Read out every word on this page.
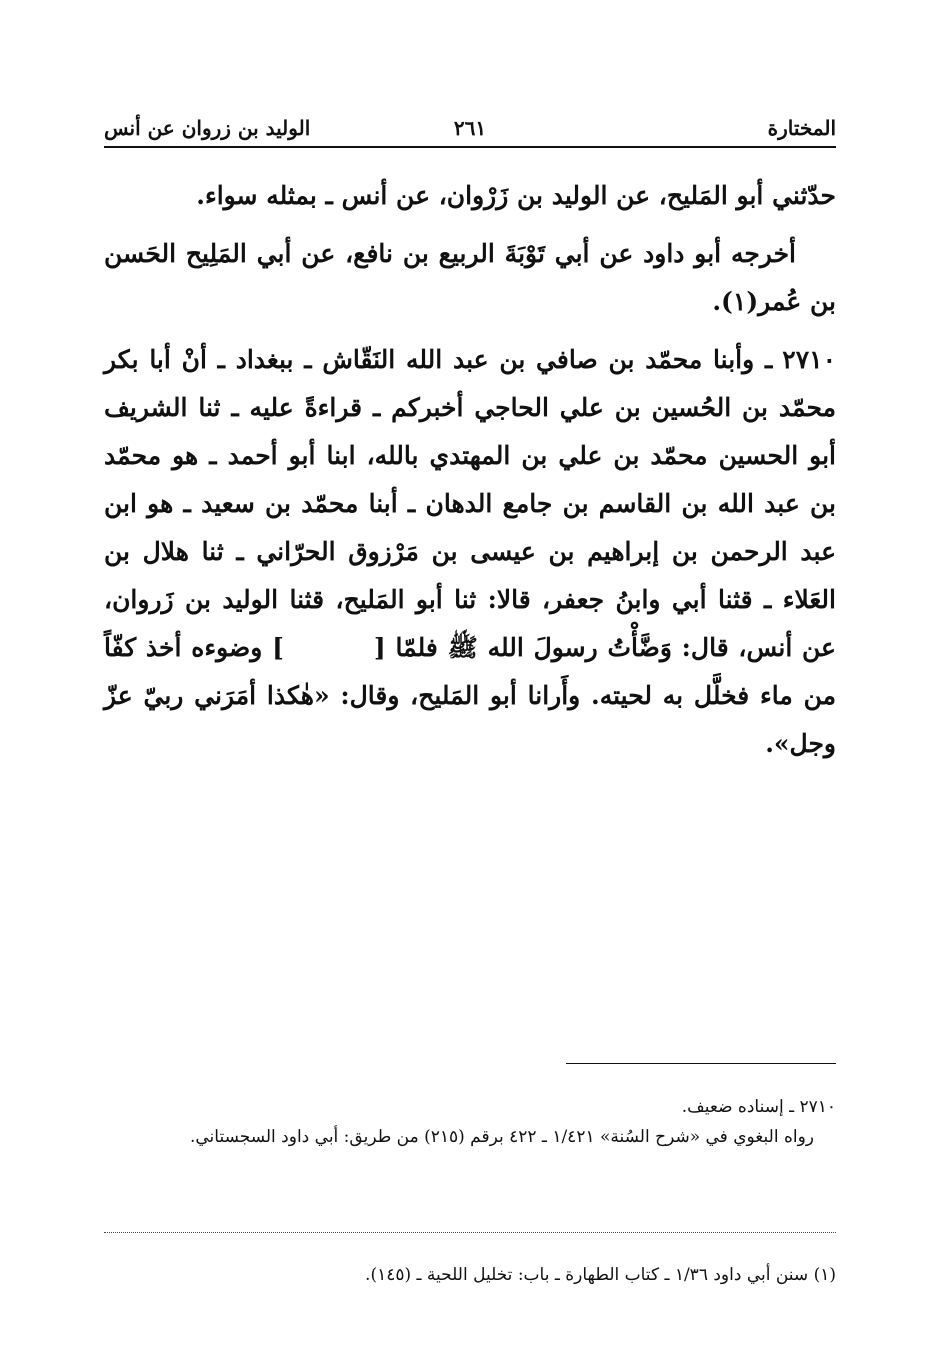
المختارة
٢٦١
الوليد بن زروان عن أنس

حدّثني أبو المَليح، عن الوليد بن زَرْوان، عن أنس ـ بمثله سواء.

أخرجه أبو داود عن أبي تَوْبَةَ الربيع بن نافع، عن أبي المَلِيح الحَسن بن عُمر(١).

٢٧١٠ـ وأبنا محمّد بن صافي بن عبد الله النَقّاش ـ ببغداد ـ أنْ أبا بكر محمّد بن الحُسين بن علي الحاجي أخبركم ـ قراءةً عليه ـ ثنا الشريف أبو الحسين محمّد بن علي بن المهتدي بالله، ابنا أبو أحمد ـ هو محمّد بن عبد الله بن القاسم بن جامع الدهان ـ أبنا محمّد بن سعيد ـ هو ابن عبد الرحمن بن إبراهيم بن عيسى بن مَرْزوق الحرّاني ـ ثنا هلال بن العَلاء ـ قثنا أبي وابنُ جعفر، قالا: ثنا أبو المَليح، قثنا الوليد بن زَروان، عن أنس، قال: وَضَّأْتُ رسولَ الله ﷺ فلمّا [] وضوءه أخذ كفّاً من ماء فخلَّل به لحيته. وأَرانا أبو المَليح، وقال: «هٰكذا أمَرَني ربيّ عزّ وجل».

٢٧١٠ ـ إسناده ضعيف.

رواه البغوي في «شرح السُنة» ١/٤٢١ ـ ٤٢٢ برقم (٢١٥) من طريق: أبي داود السجستاني.

(١) سنن أبي داود ١/٣٦ ـ كتاب الطهارة ـ باب: تخليل اللحية ـ (١٤٥).
